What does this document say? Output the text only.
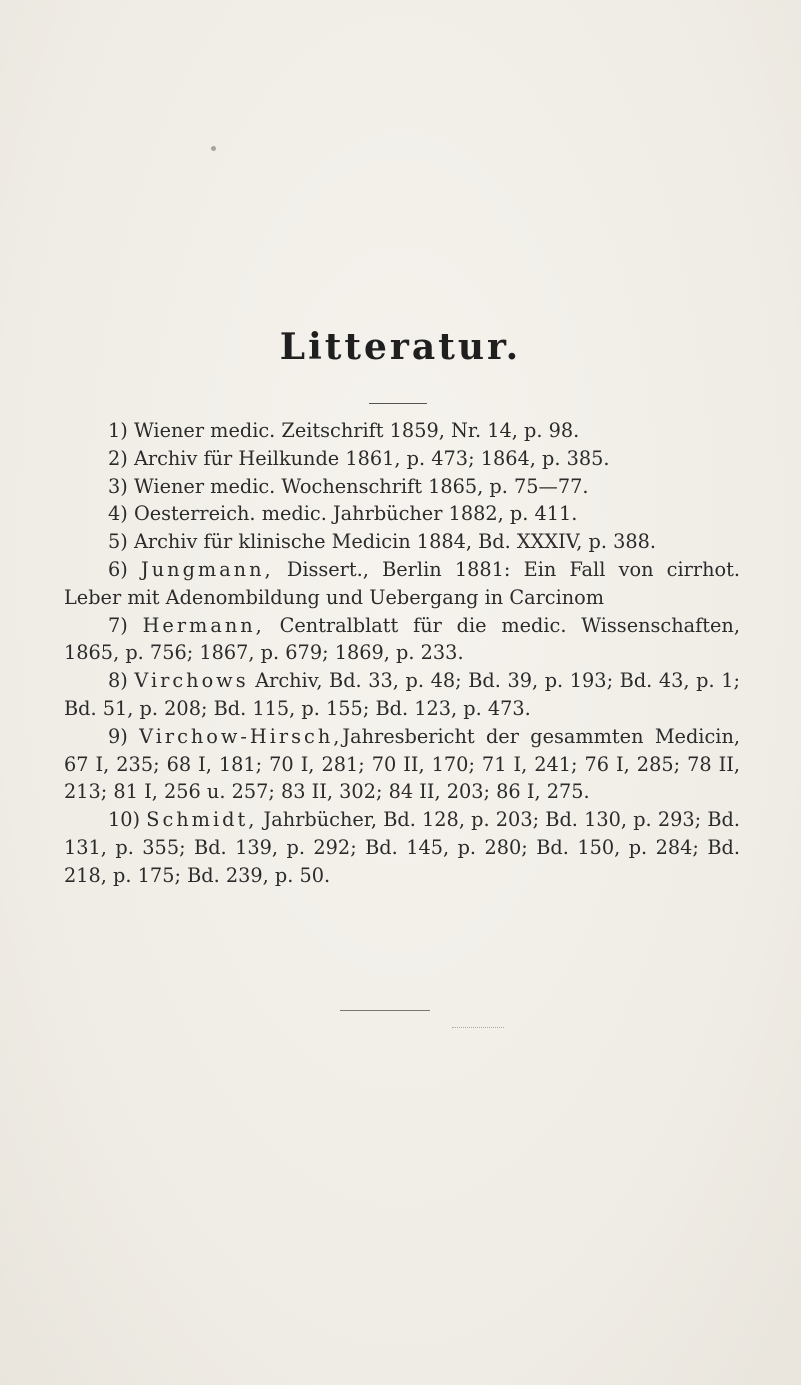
Litteratur.
1) Wiener medic. Zeitschrift 1859, Nr. 14, p. 98.
2) Archiv für Heilkunde 1861, p. 473; 1864, p. 385.
3) Wiener medic. Wochenschrift 1865, p. 75—77.
4) Oesterreich. medic. Jahrbücher 1882, p. 411.
5) Archiv für klinische Medicin 1884, Bd. XXXIV, p. 388.
6) Jungmann, Dissert., Berlin 1881: Ein Fall von cirrhot. Leber mit Adenombildung und Uebergang in Carcinom
7) Hermann, Centralblatt für die medic. Wissenschaften, 1865, p. 756; 1867, p. 679; 1869, p. 233.
8) Virchows Archiv, Bd. 33, p. 48; Bd. 39, p. 193; Bd. 43, p. 1; Bd. 51, p. 208; Bd. 115, p. 155; Bd. 123, p. 473.
9) Virchow-Hirsch,Jahresbericht der gesammten Medicin, 67 I, 235; 68 I, 181; 70 I, 281; 70 II, 170; 71 I, 241; 76 I, 285; 78 II, 213; 81 I, 256 u. 257; 83 II, 302; 84 II, 203; 86 I, 275.
10) Schmidt, Jahrbücher, Bd. 128, p. 203; Bd. 130, p. 293; Bd. 131, p. 355; Bd. 139, p. 292; Bd. 145, p. 280; Bd. 150, p. 284; Bd. 218, p. 175; Bd. 239, p. 50.
